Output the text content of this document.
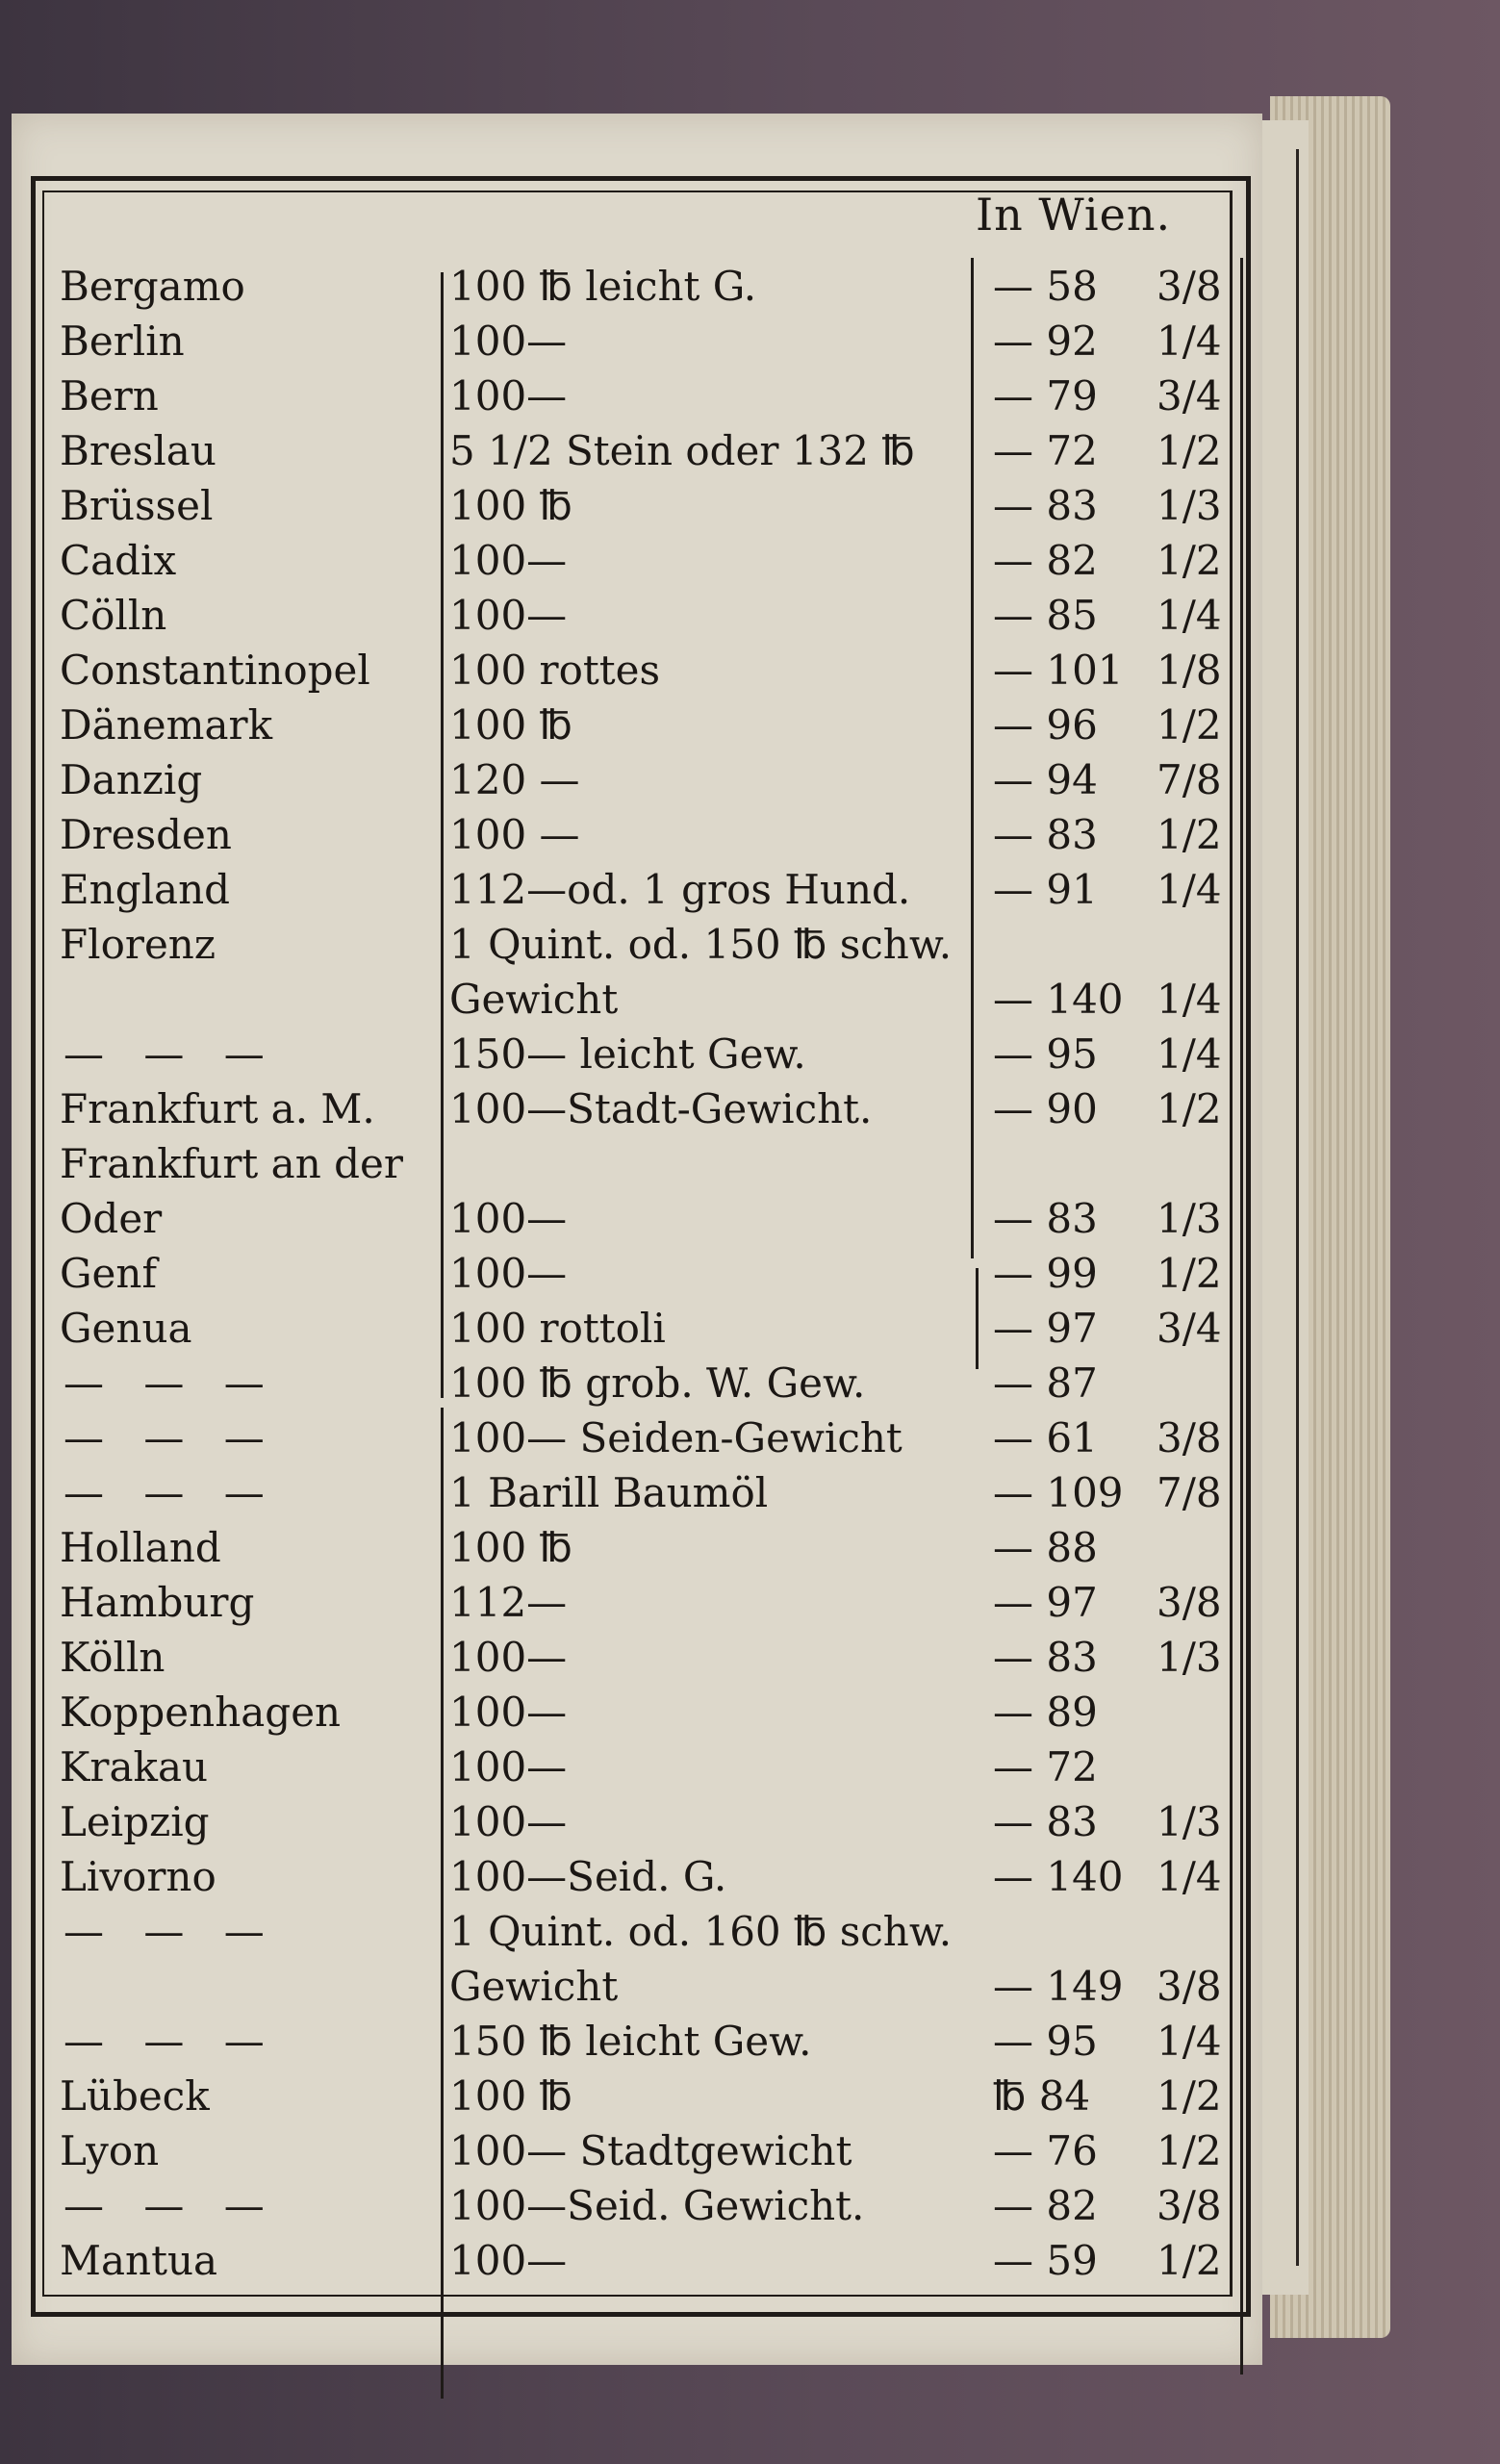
In Wien.
Bergamo	100 ℔ leicht G.	— 58	3/8
Berlin	100—	— 92	1/4
Bern	100—	— 79	3/4
Breslau	5 1/2 Stein oder 132 ℔	— 72	1/2
Brüssel	100 ℔	— 83	1/3
Cadix	100—	— 82	1/2
Cölln	100—	— 85	1/4
Constantinopel	100 rottes	— 101 1/8
Dänemark	100 ℔	— 96	1/2
Danzig	120 —	— 94	7/8
Dresden	100 —	— 83	1/2
England	112—od. 1 gros Hund.	— 91	1/4
Florenz	1 Quint. od. 150 ℔ schw.
Gewicht	— 140 1/4
— — —	150— leicht Gew.	— 95	1/4
Frankfurt a. M.	100—Stadt-Gewicht.	— 90	1/2
Frankfurt an der
Oder	100—	— 83	1/3
Genf	100—	— 99	1/2
Genua	100 rottoli	— 97	3/4
— — —	100 ℔ grob. W. Gew.	— 87
— — —	100— Seiden-Gewicht	— 61	3/8
— — —	1 Barill Baumöl	— 109 7/8
Holland	100 ℔	— 88
Hamburg	112—	— 97	3/8
Kölln	100—	— 83	1/3
Koppenhagen	100—	— 89
Krakau	100—	— 72
Leipzig	100—	— 83	1/3
Livorno	100—Seid. G.	— 140 1/4
— — —	1 Quint. od. 160 ℔ schw.
Gewicht	— 149 3/8
— — —	150 ℔ leicht Gew.	— 95	1/4
Lübeck	100 ℔	℔ 84	1/2
Lyon	100— Stadtgewicht	— 76	1/2
— — —	100—Seid. Gewicht.	— 82	3/8
Mantua	100—	— 59	1/2
